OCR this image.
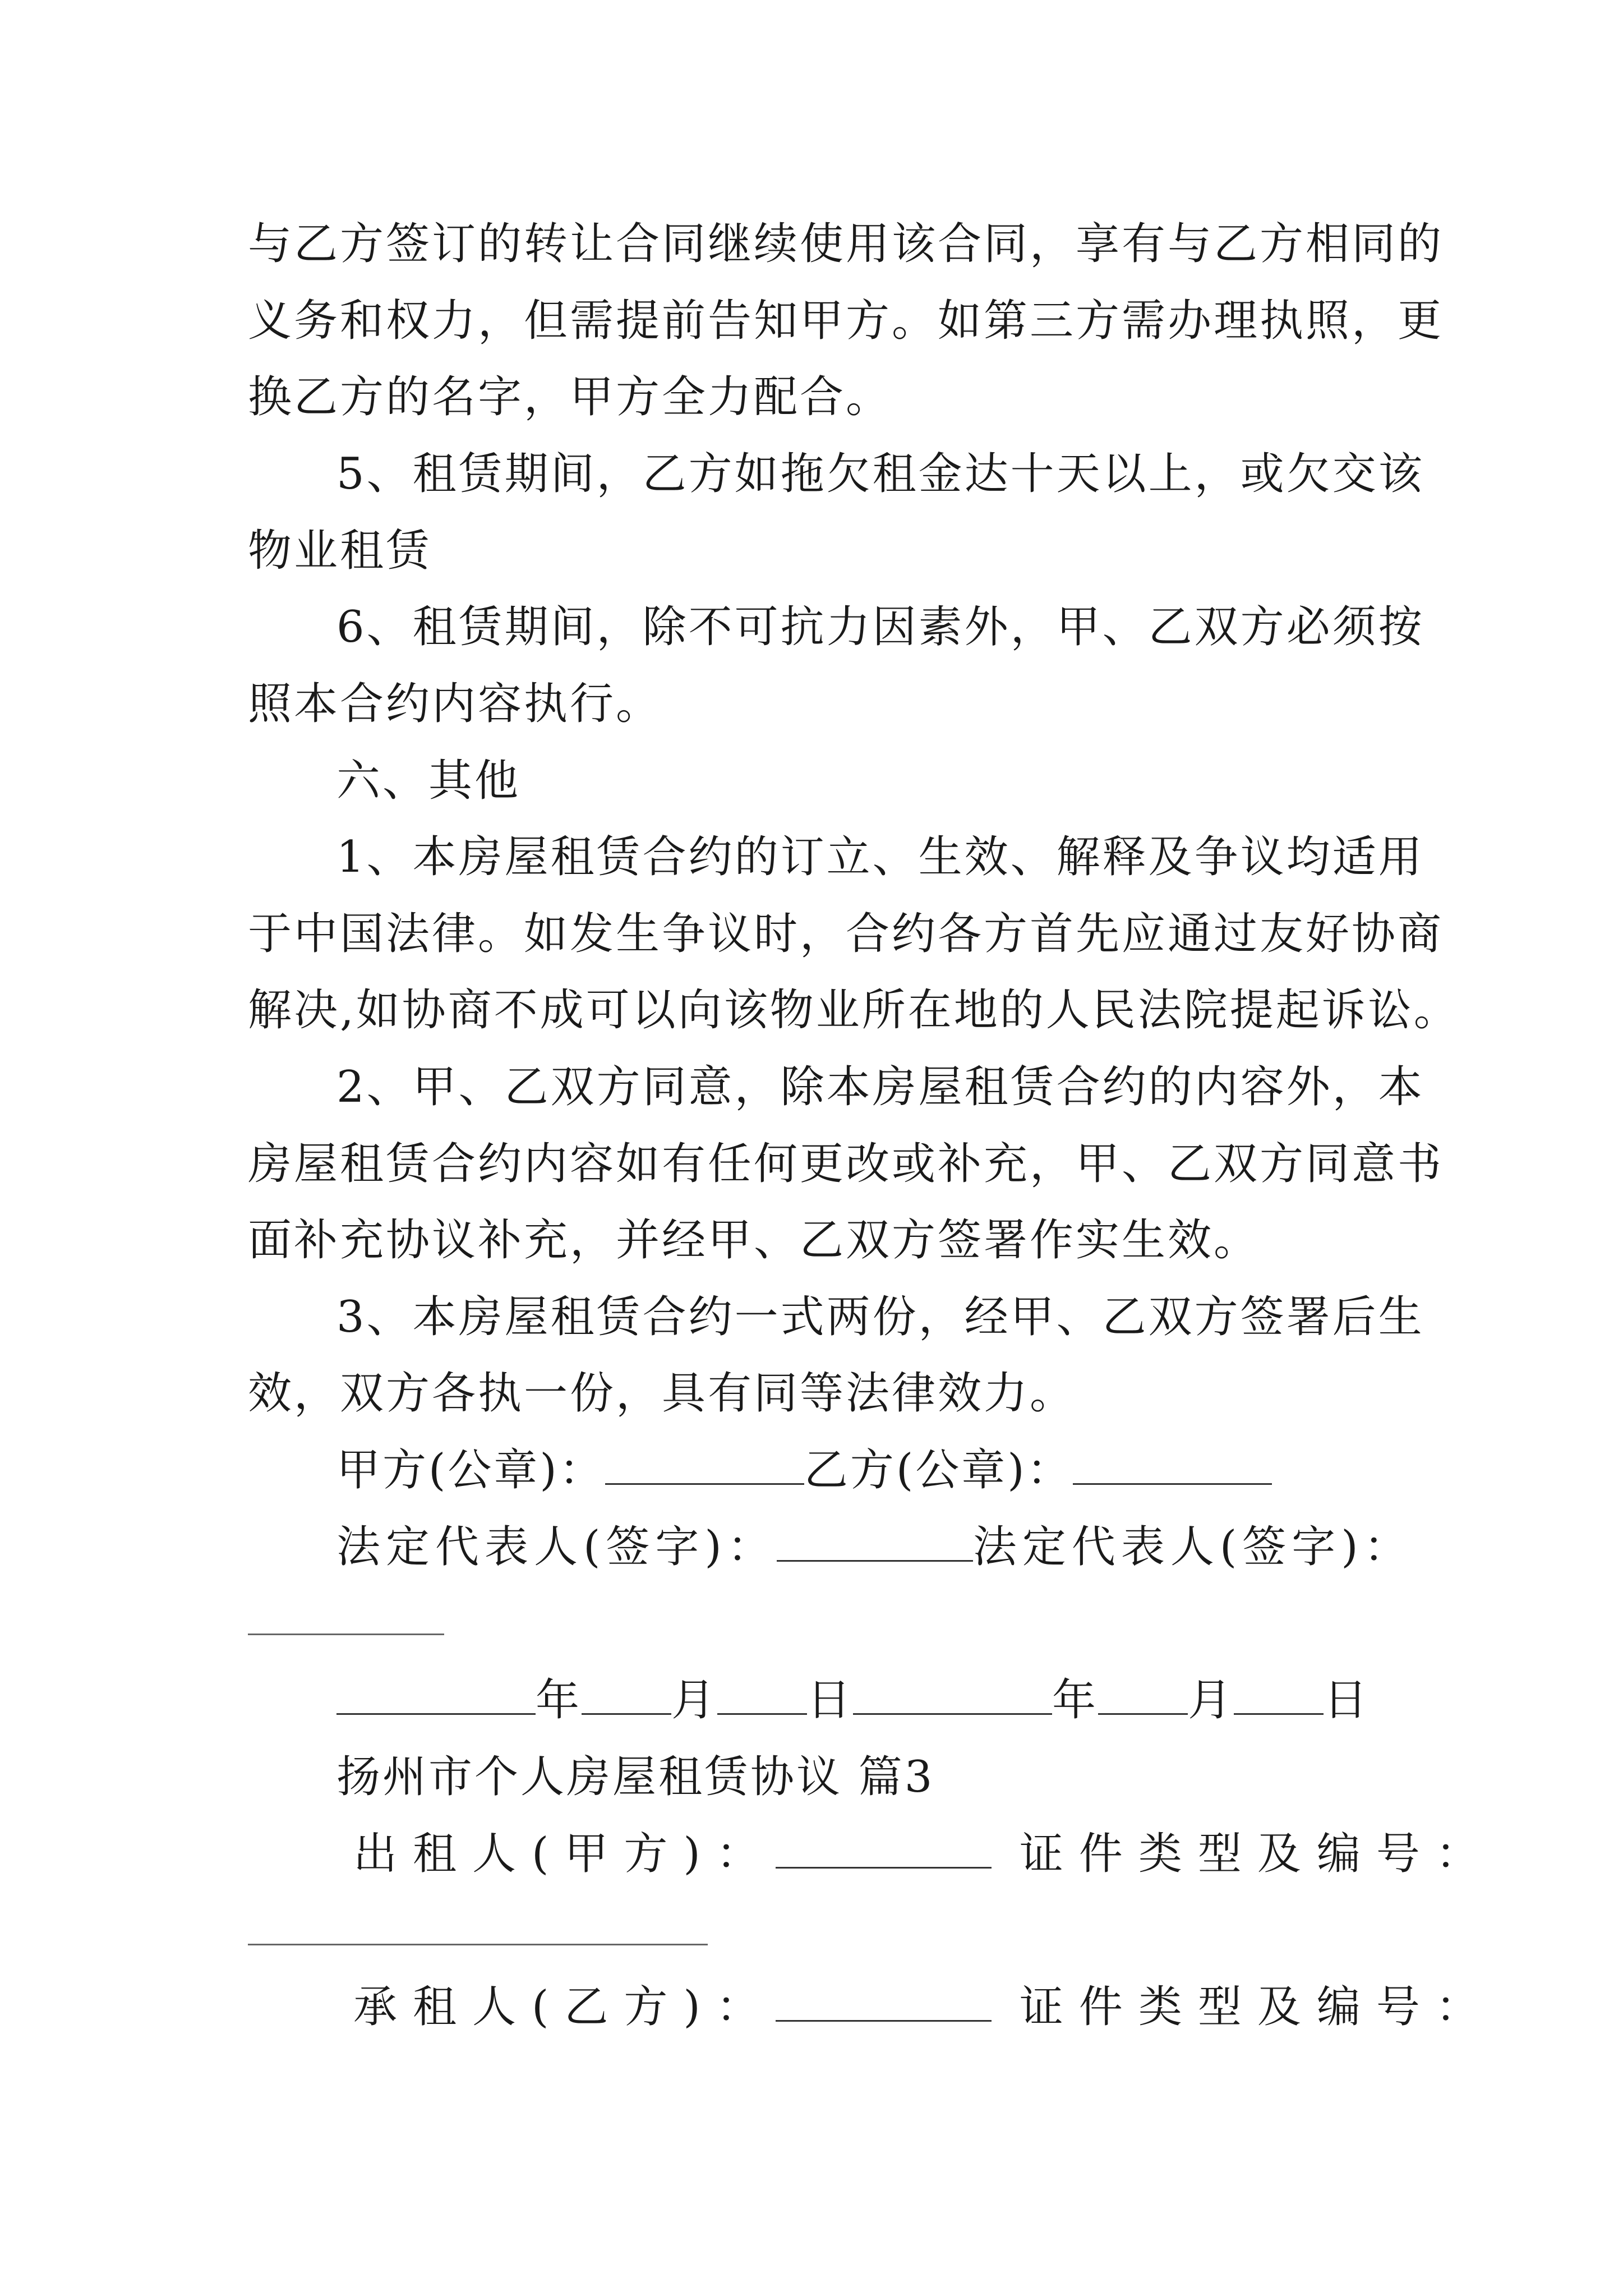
与乙方签订的转让合同继续使用该合同，享有与乙方相同的
义务和权力，但需提前告知甲方。如第三方需办理执照，更
换乙方的名字，甲方全力配合。
5、租赁期间，乙方如拖欠租金达十天以上，或欠交该
物业租赁
6、租赁期间，除不可抗力因素外，甲、乙双方必须按
照本合约内容执行。
六、其他
1、本房屋租赁合约的订立、生效、解释及争议均适用
于中国法律。如发生争议时，合约各方首先应通过友好协商
解决,如协商不成可以向该物业所在地的人民法院提起诉讼。
2、甲、乙双方同意，除本房屋租赁合约的内容外，本
房屋租赁合约内容如有任何更改或补充，甲、乙双方同意书
面补充协议补充，并经甲、乙双方签署作实生效。
3、本房屋租赁合约一式两份，经甲、乙双方签署后生
效，双方各执一份，具有同等法律效力。
甲方(公章)：	乙方(公章)：
法定代表人(签字)：	法定代表人(签字)：
年 月 日	年 月 日
扬州市个人房屋租赁协议 篇3
出租人(甲方)：	证件类型及编号：
承租人(乙方)：	证件类型及编号：
